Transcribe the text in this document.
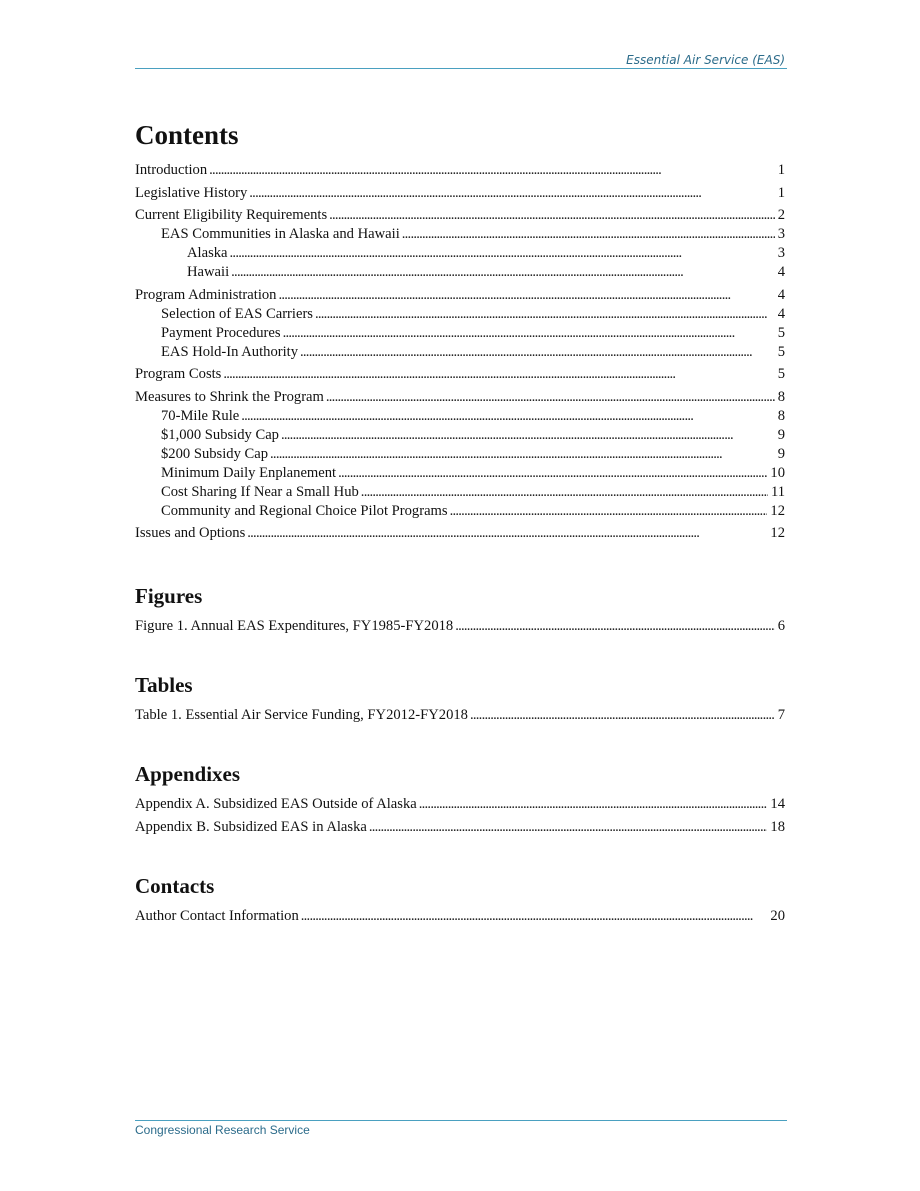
Essential Air Service (EAS)
Contents
Introduction . . .	1
Legislative History . . .	1
Current Eligibility Requirements . . .	2
EAS Communities in Alaska and Hawaii . . .	3
Alaska . . .	3
Hawaii . . .	4
Program Administration . . .	4
Selection of EAS Carriers . . .	4
Payment Procedures . . .	5
EAS Hold-In Authority . . .	5
Program Costs . . .	5
Measures to Shrink the Program . . .	8
70-Mile Rule . . .	8
$1,000 Subsidy Cap . . .	9
$200 Subsidy Cap . . .	9
Minimum Daily Enplanement . . .	10
Cost Sharing If Near a Small Hub . . .	11
Community and Regional Choice Pilot Programs . . .	12
Issues and Options . . .	12
Figures
Figure 1. Annual EAS Expenditures, FY1985-FY2018 . . .	6
Tables
Table 1. Essential Air Service Funding, FY2012-FY2018 . . .	7
Appendixes
Appendix A. Subsidized EAS Outside of Alaska . . .	14
Appendix B. Subsidized EAS in Alaska . . .	18
Contacts
Author Contact Information . . .	20
Congressional Research Service
